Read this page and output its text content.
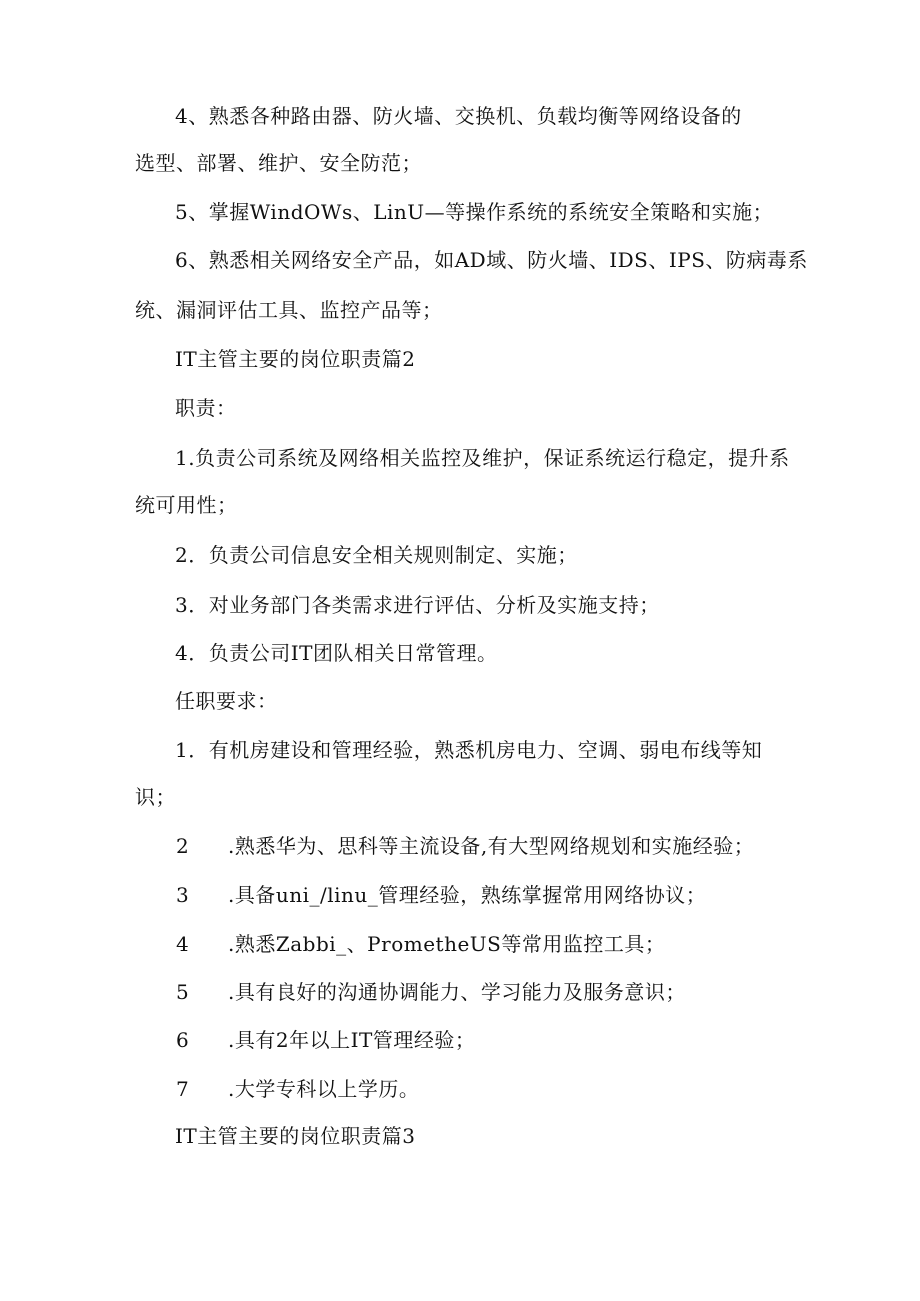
4、熟悉各种路由器、防火墙、交换机、负载均衡等网络设备的
选型、部署、维护、安全防范；
5、掌握WindOWs、LinU—等操作系统的系统安全策略和实施；
6、熟悉相关网络安全产品，如AD域、防火墙、IDS、IPS、防病毒系
统、漏洞评估工具、监控产品等；
IT主管主要的岗位职责篇2
职责：
1.负责公司系统及网络相关监控及维护，保证系统运行稳定，提升系
统可用性；
2．负责公司信息安全相关规则制定、实施；
3．对业务部门各类需求进行评估、分析及实施支持；
4．负责公司IT团队相关日常管理。
任职要求：
1．有机房建设和管理经验，熟悉机房电力、空调、弱电布线等知
识；
2 .熟悉华为、思科等主流设备,有大型网络规划和实施经验；
3 .具备uni_/linu_管理经验，熟练掌握常用网络协议；
4 .熟悉Zabbi_、PrometheUS等常用监控工具；
5 .具有良好的沟通协调能力、学习能力及服务意识；
6 .具有2年以上IT管理经验；
7 .大学专科以上学历。
IT主管主要的岗位职责篇3
